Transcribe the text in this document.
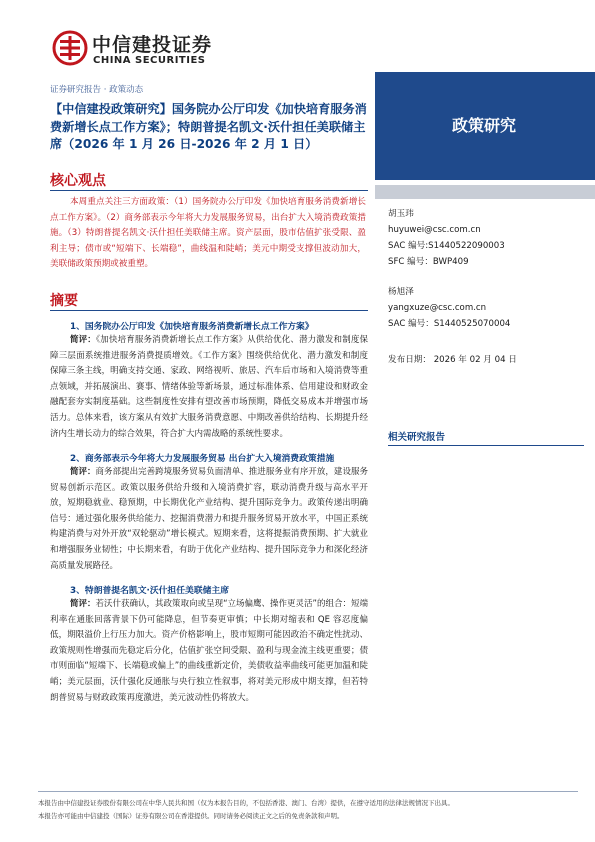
中信建投证券
CHINA SECURITIES
证券研究报告 · 政策动态
【中信建投政策研究】国务院办公厅印发《加快培育服务消费新增长点工作方案》；特朗普提名凯文·沃什担任美联储主席（2026 年 1 月 26 日-2026 年 2 月 1 日）
政策研究
核心观点
本周重点关注三方面政策：（1）国务院办公厅印发《加快培育服务消费新增长点工作方案》。（2）商务部表示今年将大力发展服务贸易，出台扩大入境消费政策措施。（3）特朗普提名凯文·沃什担任美联储主席。资产层面，股市估值扩张受限、盈利主导；债市或“短端下、长端稳”，曲线温和陡峭；美元中期受支撑但波动加大，美联储政策预期或被重塑。
摘要
1、国务院办公厅印发《加快培育服务消费新增长点工作方案》
简评：《加快培育服务消费新增长点工作方案》从供给优化、潜力激发和制度保障三层面系统推进服务消费提质增效。《工作方案》围绕供给优化、潜力激发和制度保障三条主线，明确支持交通、家政、网络视听、旅居、汽车后市场和入境消费等重点领域，并拓展演出、赛事、情绪体验等新场景，通过标准体系、信用建设和财政金融配套夯实制度基础。这些制度性安排有望改善市场预期，降低交易成本并增强市场活力。总体来看，该方案从有效扩大服务消费意愿、中期改善供给结构、长期提升经济内生增长动力的综合效果，符合扩大内需战略的系统性要求。
2、商务部表示今年将大力发展服务贸易 出台扩大入境消费政策措施
简评：商务部提出完善跨境服务贸易负面清单、推进服务业有序开放，建设服务贸易创新示范区。政策以服务供给升级和入境消费扩容，联动消费升级与高水平开放，短期稳就业、稳预期，中长期优化产业结构、提升国际竞争力。政策传递出明确信号：通过强化服务供给能力、挖掘消费潜力和提升服务贸易开放水平，中国正系统构建消费与对外开放“双轮驱动”增长模式。短期来看，这将提振消费预期、扩大就业和增强服务业韧性；中长期来看，有助于优化产业结构、提升国际竞争力和深化经济高质量发展路径。
3、特朗普提名凯文·沃什担任美联储主席
简评：若沃什获确认，其政策取向或呈现“立场偏鹰、操作更灵活”的组合：短端利率在通胀回落背景下仍可能降息，但节奏更审慎；中长期对缩表和 QE 容忍度偏低，期限溢价上行压力加大。资产价格影响上，股市短期可能因政治不确定性扰动、政策规则性增强而先稳定后分化，估值扩张空间受限、盈利与现金流主线更重要；债市则面临“短端下、长端稳或偏上”的曲线重新定价，美债收益率曲线可能更加温和陡峭；美元层面，沃什强化反通胀与央行独立性叙事，将对美元形成中期支撑，但若特朗普贸易与财政政策再度激进，美元波动性仍将放大。
胡玉玮
huyuwei@csc.com.cn
SAC 编号:S1440522090003
SFC 编号：BWP409
杨旭泽
yangxuze@csc.com.cn
SAC 编号：S1440525070004
发布日期： 2026 年 02 月 04 日
相关研究报告
本报告由中信建投证券股份有限公司在中华人民共和国（仅为本报告目的，不包括香港、澳门、台湾）提供，在遵守适用的法律法规情况下出具。
本报告亦可能由中信建投（国际）证券有限公司在香港提供。同时请务必阅读正文之后的免责条款和声明。
